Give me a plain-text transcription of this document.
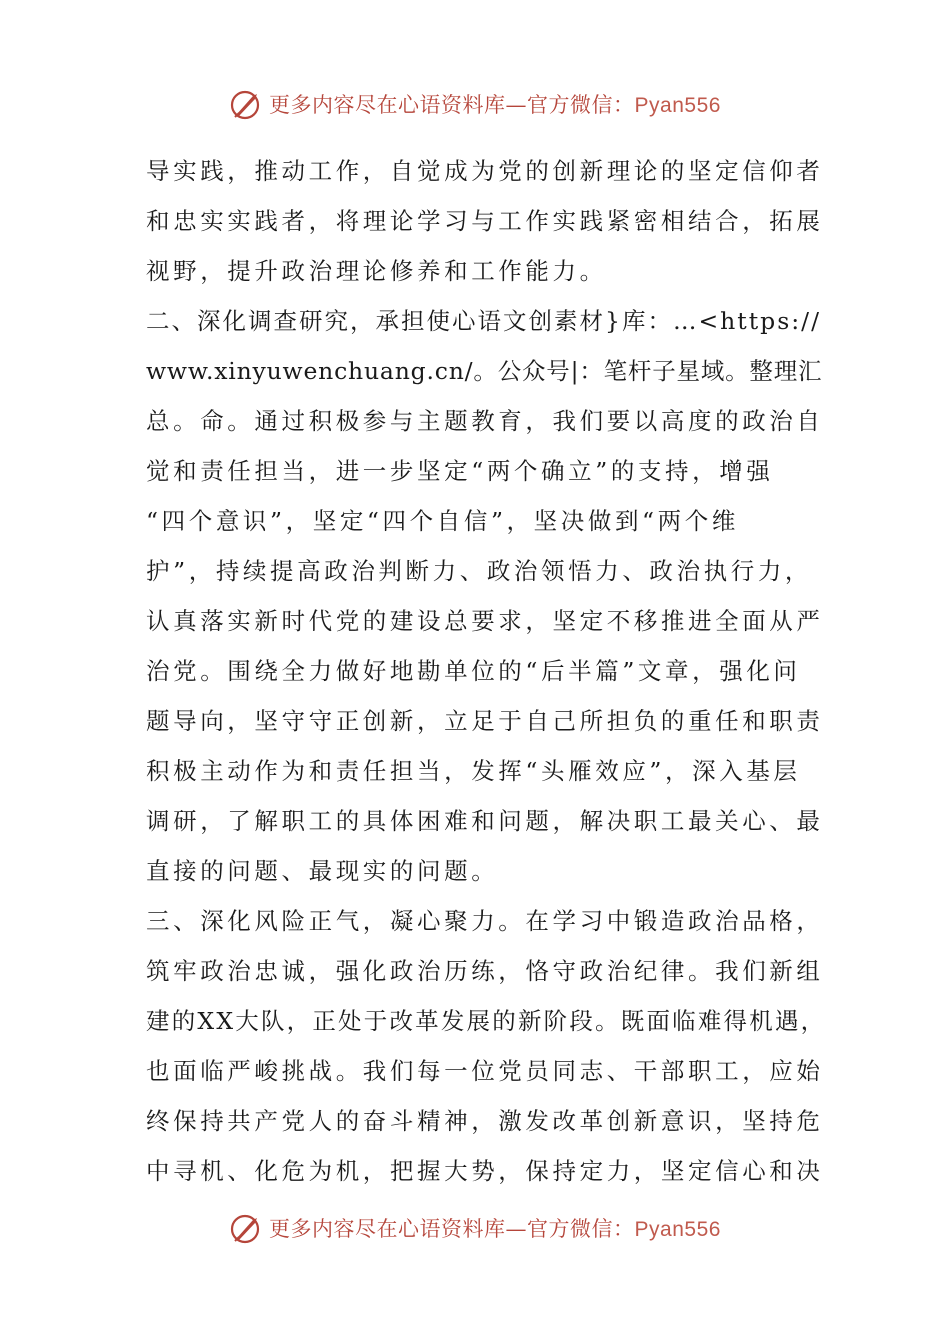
更多内容尽在心语资料库—官方微信：Pyan556
导实践，推动工作，自觉成为党的创新理论的坚定信仰者
和忠实实践者，将理论学习与工作实践紧密相结合，拓展
视野，提升政治理论修养和工作能力。
二、深化调查研究，承担使心语文创素材}库：…<https://
www.xinyuwenchuang.cn/。公众号|：笔杆子星域。整理汇
总。命。通过积极参与主题教育，我们要以高度的政治自
觉和责任担当，进一步坚定“两个确立”的支持，增强
“四个意识”，坚定“四个自信”，坚决做到“两个维
护”，持续提高政治判断力、政治领悟力、政治执行力，
认真落实新时代党的建设总要求，坚定不移推进全面从严
治党。围绕全力做好地勘单位的“后半篇”文章，强化问
题导向，坚守守正创新，立足于自己所担负的重任和职责
积极主动作为和责任担当，发挥“头雁效应”，深入基层
调研，了解职工的具体困难和问题，解决职工最关心、最
直接的问题、最现实的问题。
三、深化风险正气，凝心聚力。在学习中锻造政治品格，
筑牢政治忠诚，强化政治历练，恪守政治纪律。我们新组
建的XX大队，正处于改革发展的新阶段。既面临难得机遇，
也面临严峻挑战。我们每一位党员同志、干部职工，应始
终保持共产党人的奋斗精神，激发改革创新意识，坚持危
中寻机、化危为机，把握大势，保持定力，坚定信心和决
更多内容尽在心语资料库—官方微信：Pyan556
